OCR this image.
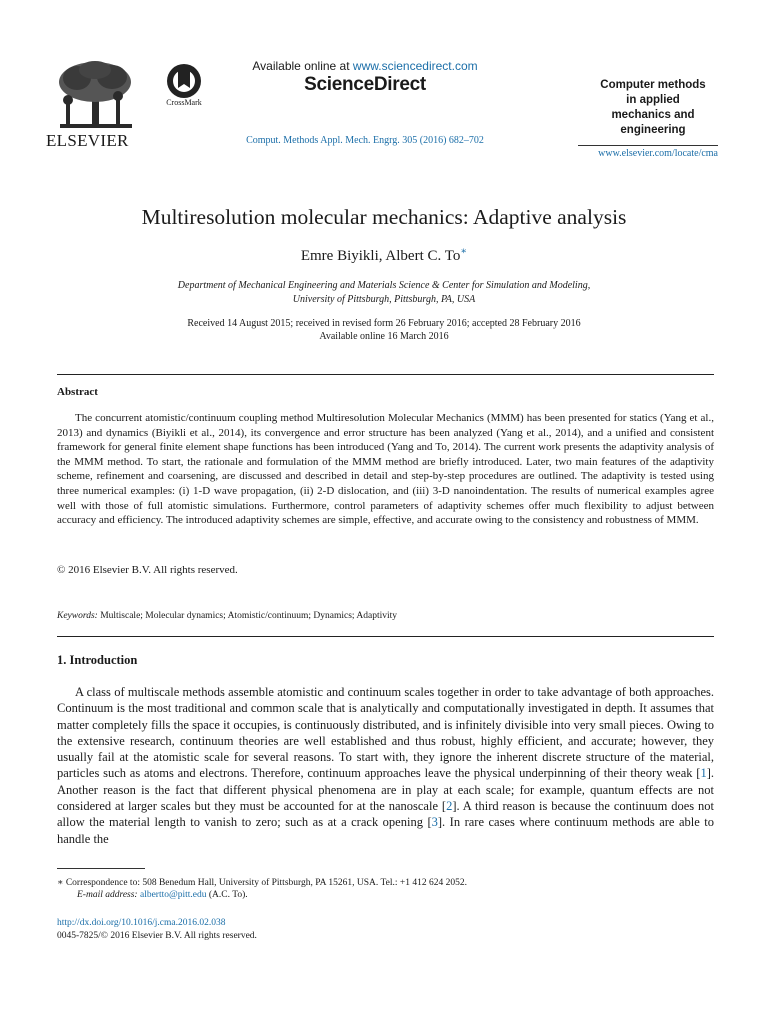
ELSEVIER
CrossMark
Available online at www.sciencedirect.com
ScienceDirect
Comput. Methods Appl. Mech. Engrg. 305 (2016) 682–702
Computer methods
in applied
mechanics and
engineering
www.elsevier.com/locate/cma
Multiresolution molecular mechanics: Adaptive analysis
Emre Biyikli, Albert C. To∗
Department of Mechanical Engineering and Materials Science & Center for Simulation and Modeling,
University of Pittsburgh, Pittsburgh, PA, USA
Received 14 August 2015; received in revised form 26 February 2016; accepted 28 February 2016
Available online 16 March 2016
Abstract
The concurrent atomistic/continuum coupling method Multiresolution Molecular Mechanics (MMM) has been presented for statics (Yang et al., 2013) and dynamics (Biyikli et al., 2014), its convergence and error structure has been analyzed (Yang et al., 2014), and a unified and consistent framework for general finite element shape functions has been introduced (Yang and To, 2014). The current work presents the adaptivity analysis of the MMM method. To start, the rationale and formulation of the MMM method are briefly introduced. Later, two main features of the adaptivity scheme, refinement and coarsening, are discussed and described in detail and step-by-step procedures are outlined. The adaptivity is tested using three numerical examples: (i) 1-D wave propagation, (ii) 2-D dislocation, and (iii) 3-D nanoindentation. The results of numerical examples agree well with those of full atomistic simulations. Furthermore, control parameters of adaptivity schemes offer much flexibility to adjust between accuracy and efficiency. The introduced adaptivity schemes are simple, effective, and accurate owing to the consistency and robustness of MMM.
© 2016 Elsevier B.V. All rights reserved.
Keywords: Multiscale; Molecular dynamics; Atomistic/continuum; Dynamics; Adaptivity
1. Introduction
A class of multiscale methods assemble atomistic and continuum scales together in order to take advantage of both approaches. Continuum is the most traditional and common scale that is analytically and computationally investigated in depth. It assumes that matter completely fills the space it occupies, is continuously distributed, and is infinitely divisible into very small pieces. Owing to the extensive research, continuum theories are well established and thus robust, highly efficient, and accurate; however, they usually fail at the atomistic scale for several reasons. To start with, they ignore the inherent discrete structure of the material, particles such as atoms and electrons. Therefore, continuum approaches leave the physical underpinning of their theory weak [1]. Another reason is the fact that different physical phenomena are in play at each scale; for example, quantum effects are not considered at larger scales but they must be accounted for at the nanoscale [2]. A third reason is because the continuum does not allow the material length to vanish to zero; such as at a crack opening [3]. In rare cases where continuum methods are able to handle the
∗ Correspondence to: 508 Benedum Hall, University of Pittsburgh, PA 15261, USA. Tel.: +1 412 624 2052.
E-mail address: albertto@pitt.edu (A.C. To).
http://dx.doi.org/10.1016/j.cma.2016.02.038
0045-7825/© 2016 Elsevier B.V. All rights reserved.
